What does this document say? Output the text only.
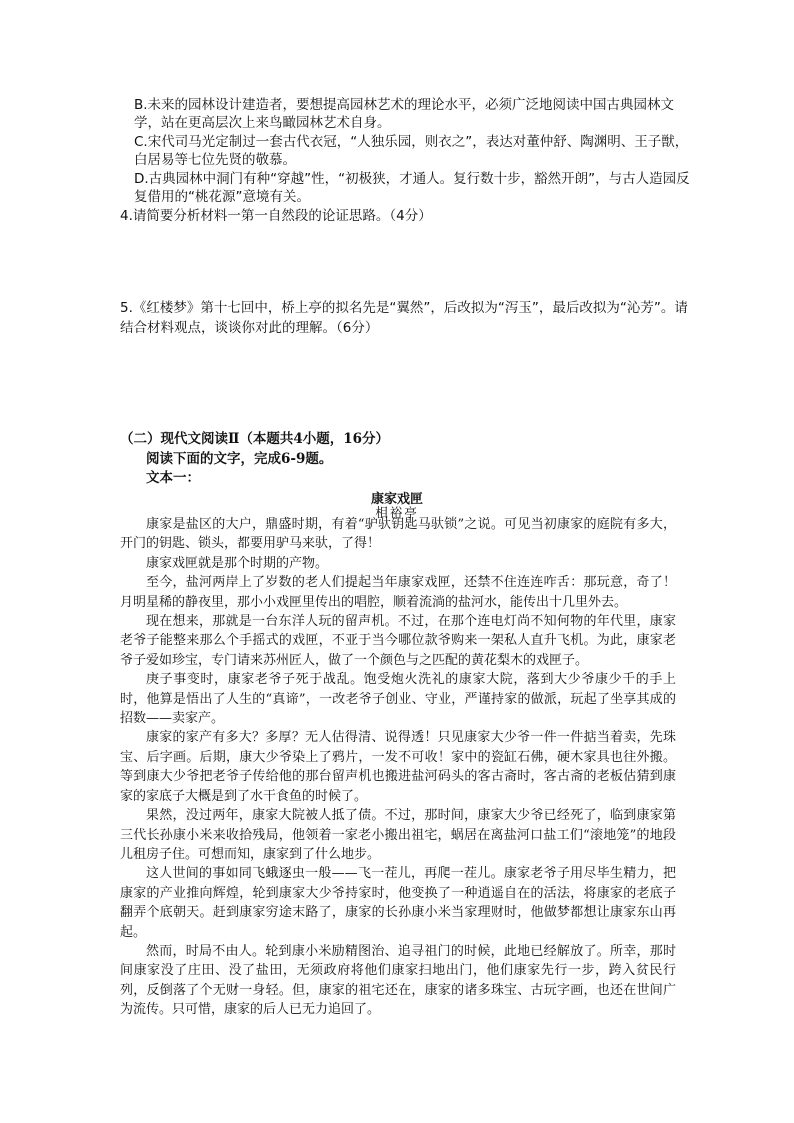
B.未来的园林设计建造者，要想提高园林艺术的理论水平，必须广泛地阅读中国古典园林文学，站在更高层次上来鸟瞰园林艺术自身。
C.宋代司马光定制过一套古代衣冠，“人独乐园，则衣之”，表达对董仲舒、陶渊明、王子獣，白居易等七位先贤的敬慕。
D.古典园林中洞门有种“穿越”性，“初极狭，才通人。复行数十步，豁然开朗”，与古人造园反复借用的“桃花源”意境有关。
4.请简要分析材料一第一自然段的论证思路。（4分）
5.《红楼梦》第十七回中，桥上亭的拟名先是“翼然”，后改拟为“泻玉”，最后改拟为“沁芳”。请结合材料观点，谈谈你对此的理解。（6分）
（二）现代文阅读Ⅱ（本题共4小题，16分）
阅读下面的文字，完成6-9题。
文本一：
康家戏匣
相裕亭

康家是盐区的大户，鼎盛时期，有着“驴驮钥匙马驮锁”之说。可见当初康家的庭院有多大，开门的钥匙、锁头，都要用驴马来驮，了得！

康家戏匣就是那个时期的产物。

至今，盐河两岸上了岁数的老人们提起当年康家戏匣，还禁不住连连咋舌：那玩意，奇了！月明星稀的静夜里，那小小戏匣里传出的唱腔，顺着流淌的盐河水，能传出十几里外去。

现在想来，那就是一台东洋人玩的留声机。不过，在那个连电灯尚不知何物的年代里，康家老爷子能整来那么个手摇式的戏匣，不亚于当今哪位款爷购来一架私人直升飞机。为此，康家老爷子爱如珍宝，专门请来苏州匠人，做了一个颜色与之匹配的黄花梨木的戏匣子。

庚子事变时，康家老爷子死于战乱。饱受炮火洗礼的康家大院，落到大少爷康少千的手上时，他算是悟出了人生的“真谛”，一改老爷子创业、守业，严谨持家的做派，玩起了坐享其成的招数——卖家产。

康家的家产有多大？多厚？无人估得清、说得透！只见康家大少爷一件一件掂当着卖，先珠宝、后字画。后期，康大少爷染上了鸦片，一发不可收！家中的瓷缸石佛，硬木家具也往外搬。等到康大少爷把老爷子传给他的那台留声机也搬进盐河码头的客古斋时，客古斋的老板估猜到康家的家底子大概是到了水干食鱼的时候了。

果然，没过两年，康家大院被人抵了债。不过，那时间，康家大少爷已经死了，临到康家第三代长孙康小米来收拾残局，他领着一家老小搬出祖宅，蜗居在离盐河口盐工们“滚地笼”的地段儿租房子住。可想而知，康家到了什么地步。

这人世间的事如同飞蛾逐虫一般——飞一茬儿，再爬一茬儿。康家老爷子用尽毕生精力，把康家的产业推向辉煌，轮到康家大少爷持家时，他变换了一种逍遥自在的活法，将康家的老底子翻弄个底朝天。赶到康家穷途末路了，康家的长孙康小米当家理财时，他做梦都想让康家东山再起。

然而，时局不由人。轮到康小米励精图治、追寻祖门的时候，此地已经解放了。所幸，那时间康家没了庄田、没了盐田，无须政府将他们康家扫地出门，他们康家先行一步，跨入贫民行列，反倒落了个无财一身轻。但，康家的祖宅还在，康家的诸多珠宝、古玩字画，也还在世间广为流传。只可惜，康家的后人已无力追回了。
